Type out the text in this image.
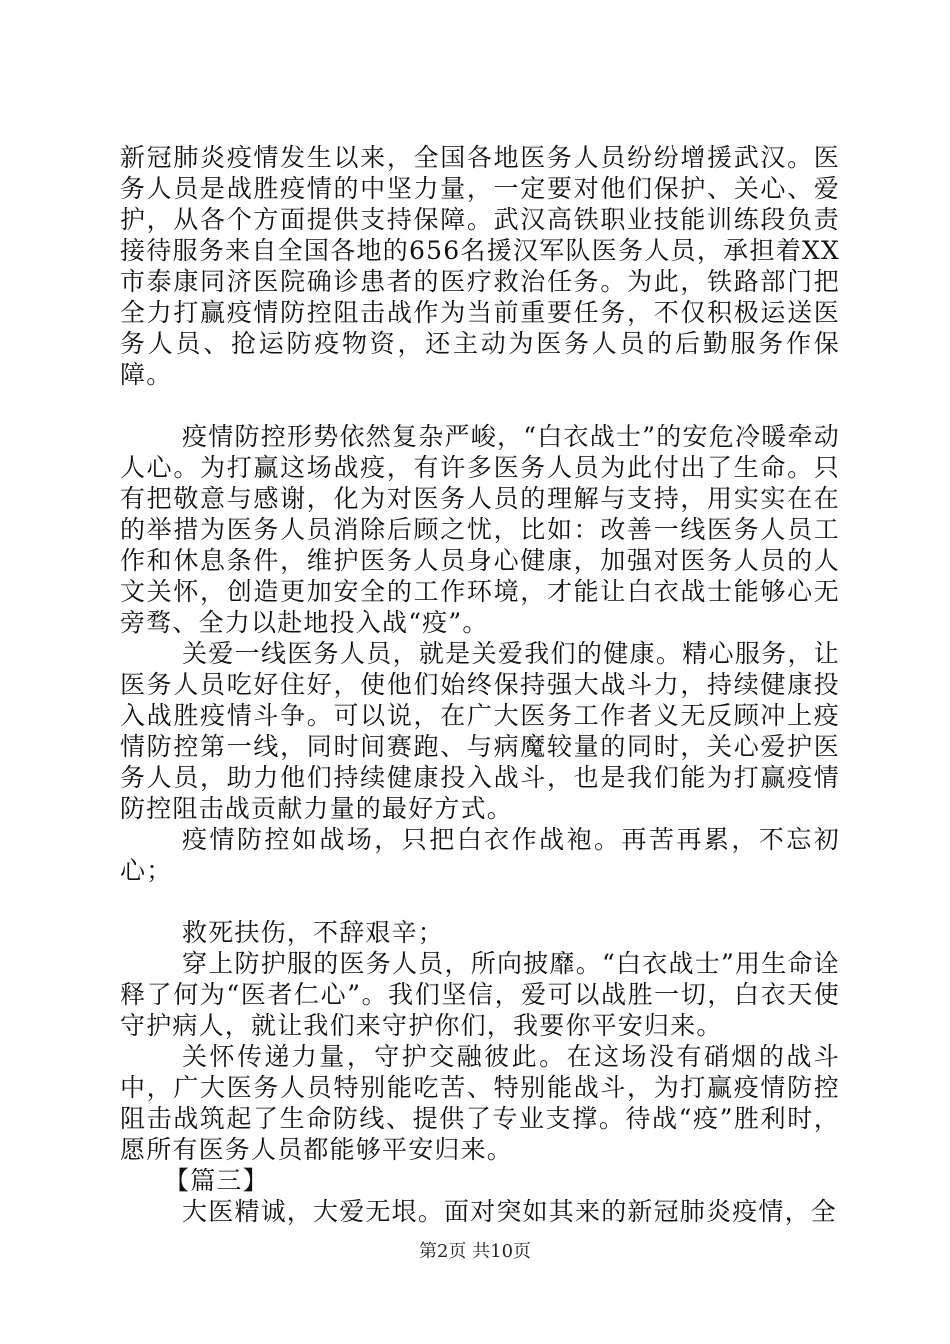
新冠肺炎疫情发生以来，全国各地医务人员纷纷增援武汉。医务人员是战胜疫情的中坚力量，一定要对他们保护、关心、爱护，从各个方面提供支持保障。武汉高铁职业技能训练段负责接待服务来自全国各地的656名援汉军队医务人员，承担着XX市泰康同济医院确诊患者的医疗救治任务。为此，铁路部门把全力打赢疫情防控阻击战作为当前重要任务，不仅积极运送医务人员、抢运防疫物资，还主动为医务人员的后勤服务作保障。

疫情防控形势依然复杂严峻，“白衣战士”的安危冷暖牵动人心。为打赢这场战疫，有许多医务人员为此付出了生命。只有把敬意与感谢，化为对医务人员的理解与支持，用实实在在的举措为医务人员消除后顾之忧，比如：改善一线医务人员工作和休息条件，维护医务人员身心健康，加强对医务人员的人文关怀，创造更加安全的工作环境，才能让白衣战士能够心无旁骛、全力以赴地投入战“疫”。

关爱一线医务人员，就是关爱我们的健康。精心服务，让医务人员吃好住好，使他们始终保持强大战斗力，持续健康投入战胜疫情斗争。可以说，在广大医务工作者义无反顾冲上疫情防控第一线，同时间赛跑、与病魔较量的同时，关心爱护医务人员，助力他们持续健康投入战斗，也是我们能为打赢疫情防控阻击战贡献力量的最好方式。

疫情防控如战场，只把白衣作战袍。再苦再累，不忘初心；

救死扶伤，不辞艰辛；

穿上防护服的医务人员，所向披靡。“白衣战士”用生命诠释了何为“医者仁心”。我们坚信，爱可以战胜一切，白衣天使守护病人，就让我们来守护你们，我要你平安归来。

关怀传递力量，守护交融彼此。在这场没有硝烟的战斗中，广大医务人员特别能吃苦、特别能战斗，为打赢疫情防控阻击战筑起了生命防线、提供了专业支撑。待战“疫”胜利时，愿所有医务人员都能够平安归来。

【篇三】

大医精诚，大爱无垠。面对突如其来的新冠肺炎疫情，全

第2页 共10页
